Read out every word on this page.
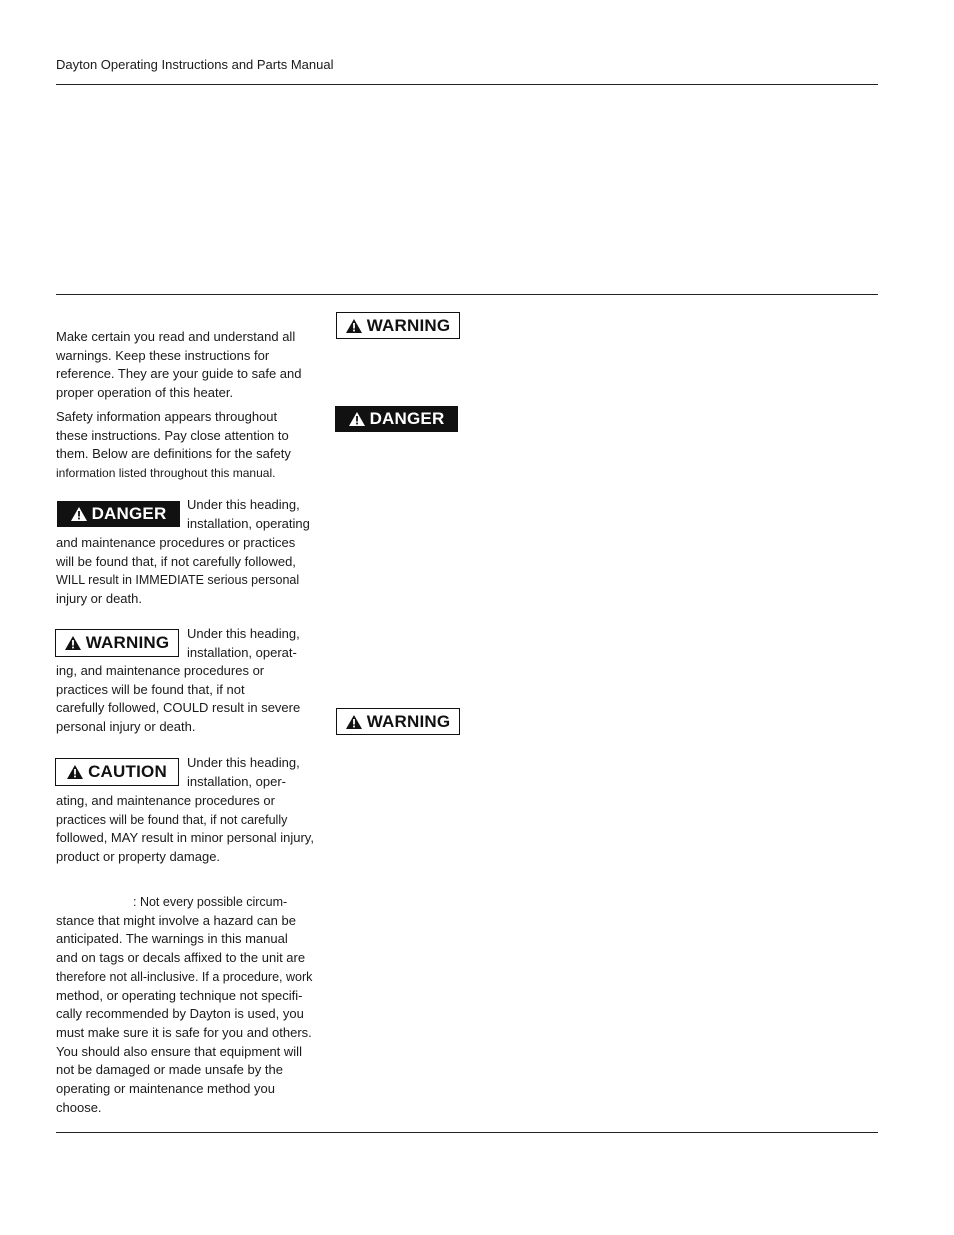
Dayton Operating Instructions and Parts Manual
Make certain you read and understand all
warnings. Keep these instructions for
reference. They are your guide to safe and
proper operation of this heater.
Safety information appears throughout
these instructions. Pay close attention to
them. Below are definitions for the safety
information listed throughout this manual.
DANGER Under this heading,
installation, operating
and maintenance procedures or practices
will be found that, if not carefully followed,
WILL result in IMMEDIATE serious personal
injury or death.
WARNING Under this heading,
installation, operat-
ing, and maintenance procedures or
practices will be found that, if not
carefully followed, COULD result in severe
personal injury or death.
CAUTION Under this heading,
installation, oper-
ating, and maintenance procedures or
practices will be found that, if not carefully
followed, MAY result in minor personal injury,
product or property damage.
: Not every possible circum-
stance that might involve a hazard can be
anticipated. The warnings in this manual
and on tags or decals affixed to the unit are
therefore not all-inclusive. If a procedure, work
method, or operating technique not specifi-
cally recommended by Dayton is used, you
must make sure it is safe for you and others.
You should also ensure that equipment will
not be damaged or made unsafe by the
operating or maintenance method you
choose.
WARNING
DANGER
WARNING
